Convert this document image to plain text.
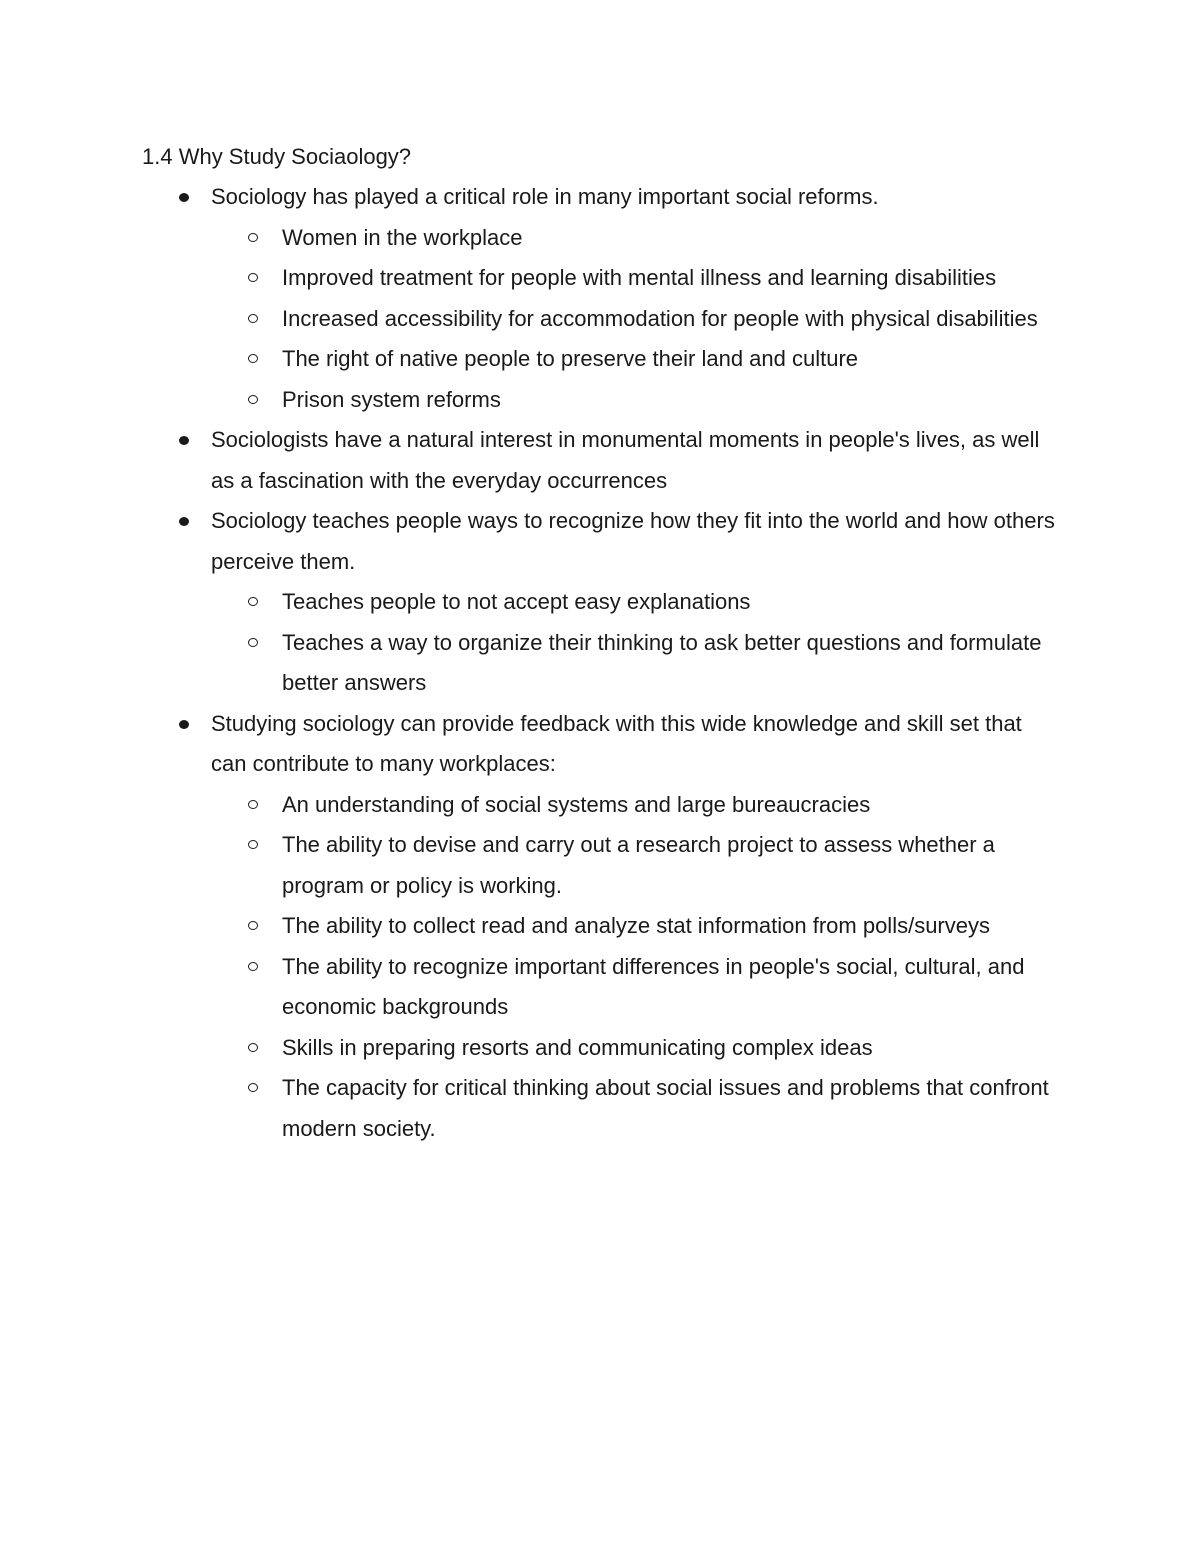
1.4 Why Study Sociaology?
Sociology has played a critical role in many important social reforms.
Women in the workplace
Improved treatment for people with mental illness and learning disabilities
Increased accessibility for accommodation for people with physical disabilities
The right of native people to preserve their land and culture
Prison system reforms
Sociologists have a natural interest in monumental moments in people's lives, as well as a fascination with the everyday occurrences
Sociology teaches people ways to recognize how they fit into the world and how others perceive them.
Teaches people to not accept easy explanations
Teaches a way to organize their thinking to ask better questions and formulate better answers
Studying sociology can provide feedback with this wide knowledge and skill set that can contribute to many workplaces:
An understanding of social systems and large bureaucracies
The ability to devise and carry out a research project to assess whether a program or policy is working.
The ability to collect read and analyze stat information from polls/surveys
The ability to recognize important differences in people's social, cultural, and economic backgrounds
Skills in preparing resorts and communicating complex ideas
The capacity for critical thinking about social issues and problems that confront modern society.
